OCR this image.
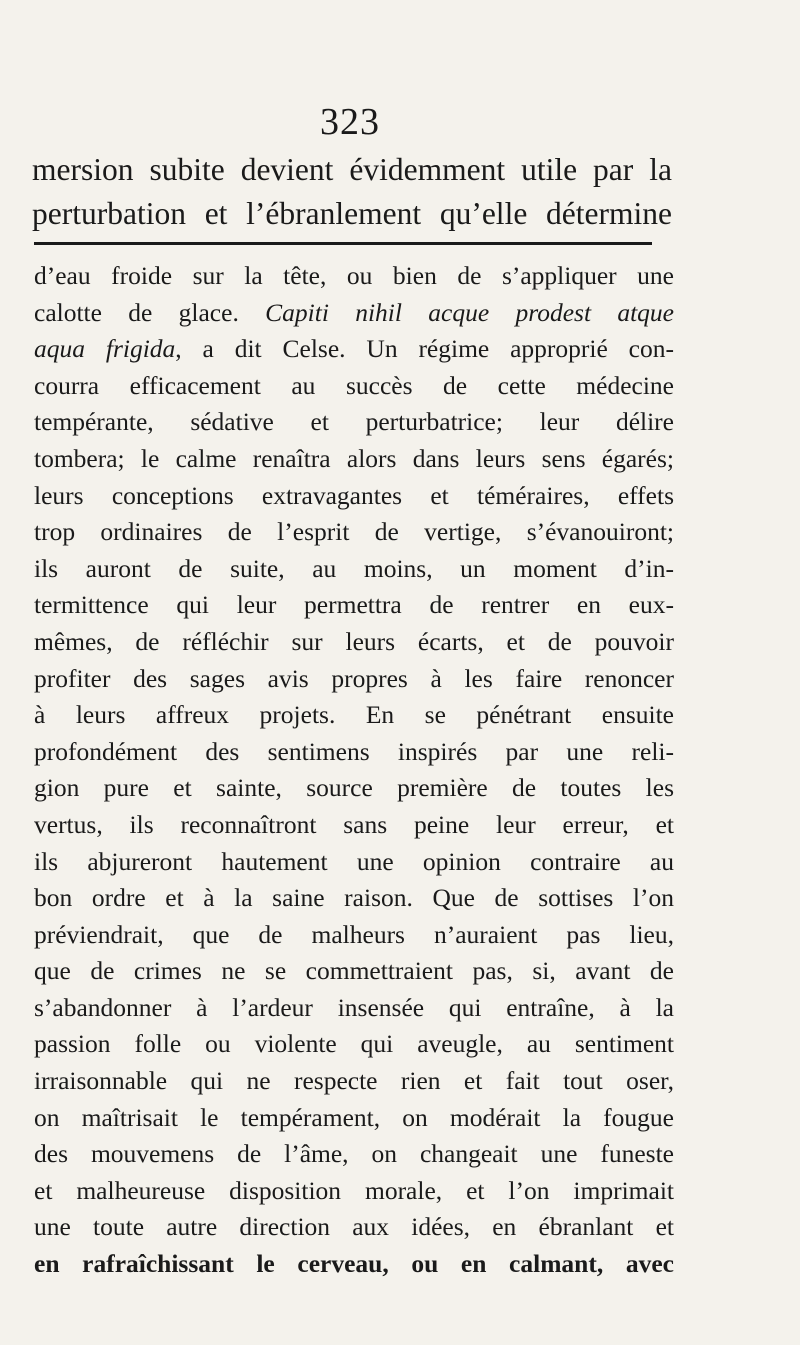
323
mersion subite devient évidemment utile par la
perturbation et l’ébranlement qu’elle détermine
d’eau froide sur la tête, ou bien de s’appliquer une
calotte de glace. Capiti nihil acque prodest atque
aqua frigida, a dit Celse. Un régime approprié con-
courra efficacement au succès de cette médecine
tempérante, sédative et perturbatrice; leur délire
tombera; le calme renaîtra alors dans leurs sens égarés;
leurs conceptions extravagantes et téméraires, effets
trop ordinaires de l’esprit de vertige, s’évanouiront;
ils auront de suite, au moins, un moment d’in-
termittence qui leur permettra de rentrer en eux-
mêmes, de réfléchir sur leurs écarts, et de pouvoir
profiter des sages avis propres à les faire renoncer
à leurs affreux projets. En se pénétrant ensuite
profondément des sentimens inspirés par une reli-
gion pure et sainte, source première de toutes les
vertus, ils reconnaîtront sans peine leur erreur, et
ils abjureront hautement une opinion contraire au
bon ordre et à la saine raison. Que de sottises l’on
préviendrait, que de malheurs n’auraient pas lieu,
que de crimes ne se commettraient pas, si, avant de
s’abandonner à l’ardeur insensée qui entraîne, à la
passion folle ou violente qui aveugle, au sentiment
irraisonnable qui ne respecte rien et fait tout oser,
on maîtrisait le tempérament, on modérait la fougue
des mouvemens de l’âme, on changeait une funeste
et malheureuse disposition morale, et l’on imprimait
une toute autre direction aux idées, en ébranlant et
en rafraîchissant le cerveau, ou en calmant, avec
